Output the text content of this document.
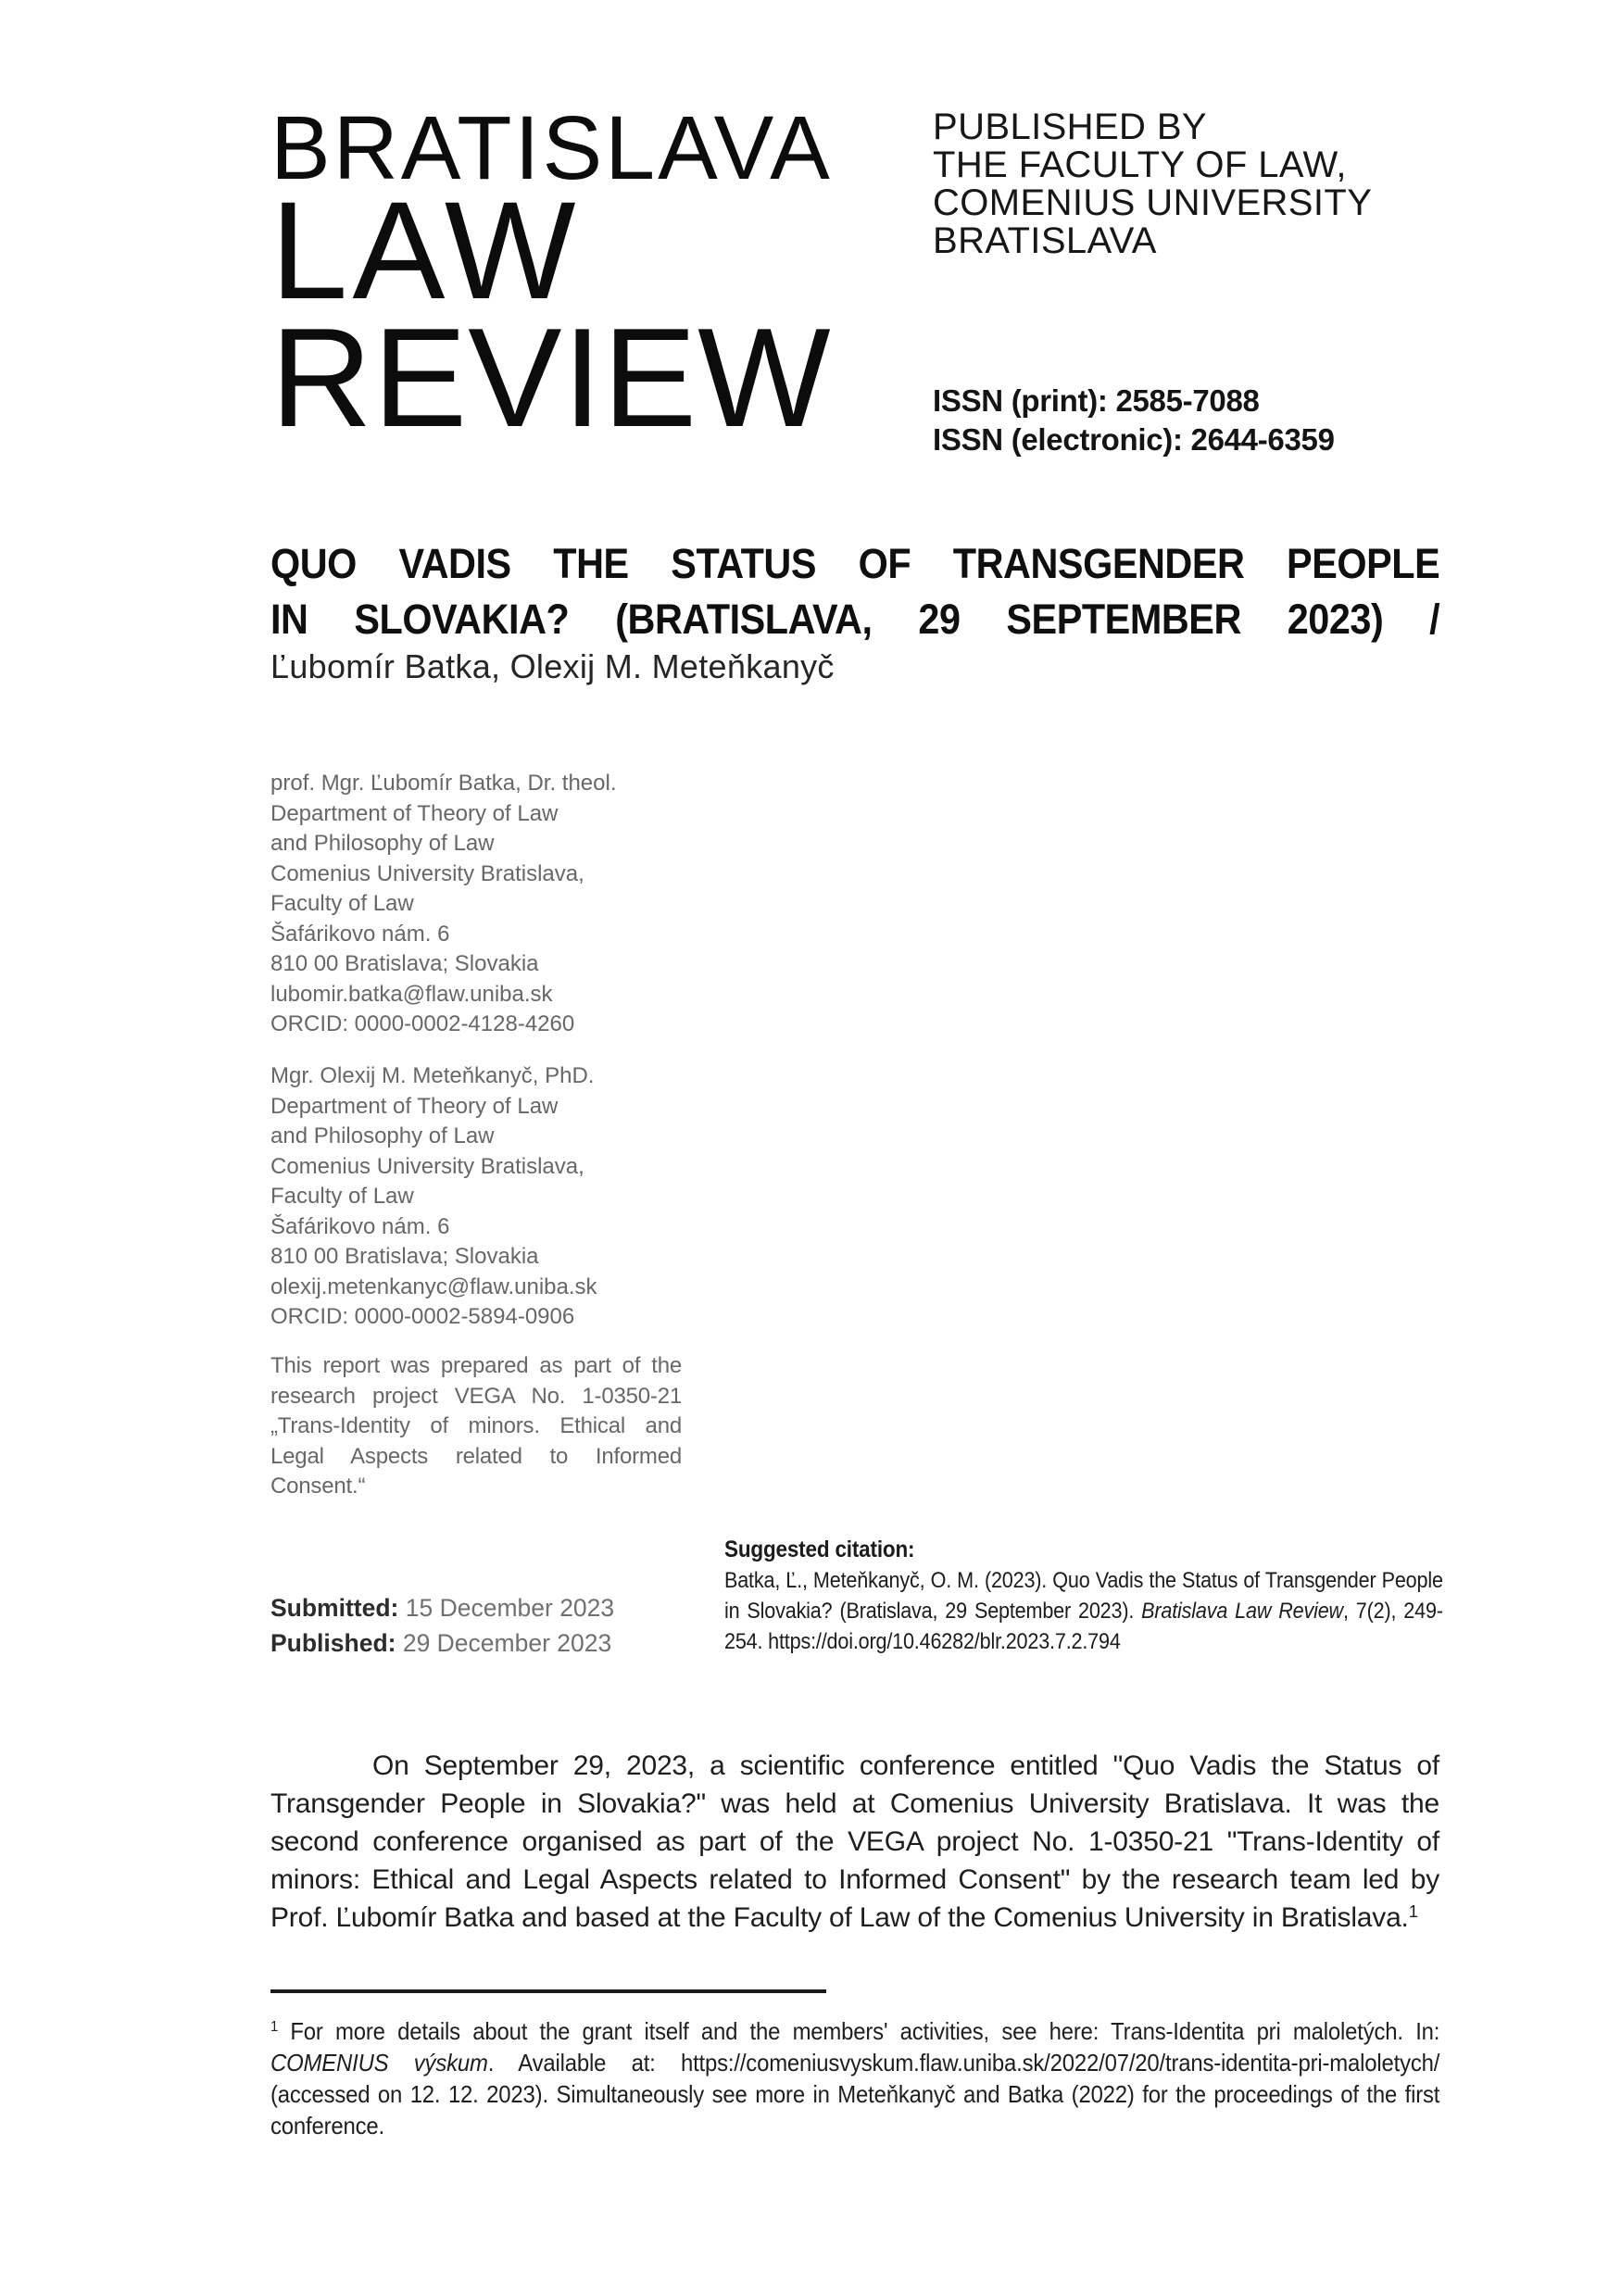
BRATISLAVA
LAW
REVIEW
PUBLISHED BY
THE FACULTY OF LAW,
COMENIUS UNIVERSITY
BRATISLAVA
ISSN (print): 2585-7088
ISSN (electronic): 2644-6359
QUO VADIS THE STATUS OF TRANSGENDER PEOPLE
IN SLOVAKIA? (BRATISLAVA, 29 SEPTEMBER 2023) /
Ľubomír Batka, Olexij M. Meteňkanyč
prof. Mgr. Ľubomír Batka, Dr. theol.
Department of Theory of Law
and Philosophy of Law
Comenius University Bratislava,
Faculty of Law
Šafárikovo nám. 6
810 00 Bratislava; Slovakia
lubomir.batka@flaw.uniba.sk
ORCID: 0000-0002-4128-4260
Mgr. Olexij M. Meteňkanyč, PhD.
Department of Theory of Law
and Philosophy of Law
Comenius University Bratislava,
Faculty of Law
Šafárikovo nám. 6
810 00 Bratislava; Slovakia
olexij.metenkanyc@flaw.uniba.sk
ORCID: 0000-0002-5894-0906
This report was prepared as part of the research project VEGA No. 1-0350-21 „Trans-Identity of minors. Ethical and Legal Aspects related to Informed Consent.“
Submitted: 15 December 2023
Published: 29 December 2023
Suggested citation:
Batka, Ľ., Meteňkanyč, O. M. (2023). Quo Vadis the Status of Transgender People in Slovakia? (Bratislava, 29 September 2023). Bratislava Law Review, 7(2), 249-254. https://doi.org/10.46282/blr.2023.7.2.794

On September 29, 2023, a scientific conference entitled "Quo Vadis the Status of Transgender People in Slovakia?" was held at Comenius University Bratislava. It was the second conference organised as part of the VEGA project No. 1-0350-21 "Trans-Identity of minors: Ethical and Legal Aspects related to Informed Consent" by the research team led by Prof. Ľubomír Batka and based at the Faculty of Law of the Comenius University in Bratislava.$^1$

$^1$ For more details about the grant itself and the members' activities, see here: Trans-Identita pri maloletých. In: COMENIUS výskum. Available at: https://comeniusvyskum.flaw.uniba.sk/2022/07/20/trans-identita-pri-maloletych/ (accessed on 12. 12. 2023). Simultaneously see more in Meteňkanyč and Batka (2022) for the proceedings of the first conference.
